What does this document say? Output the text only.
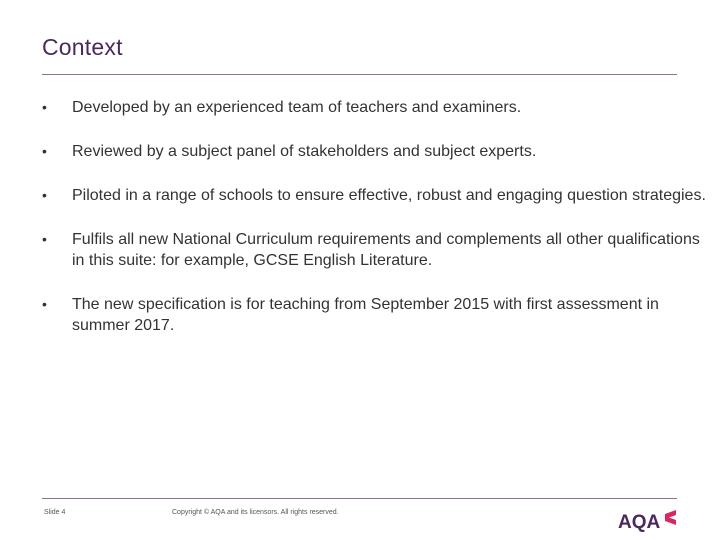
Context
•	Developed by an experienced team of teachers and examiners.
•	Reviewed by a subject panel of stakeholders and subject experts.
•	Piloted in a range of schools to ensure effective, robust and engaging question strategies.
•	Fulfils all new National Curriculum requirements and complements all other qualifications in this suite: for example, GCSE English Literature.
•	The new specification is for teaching from September 2015 with first assessment in summer 2017.
Slide 4	Copyright © AQA and its licensors. All rights reserved.	AQA
